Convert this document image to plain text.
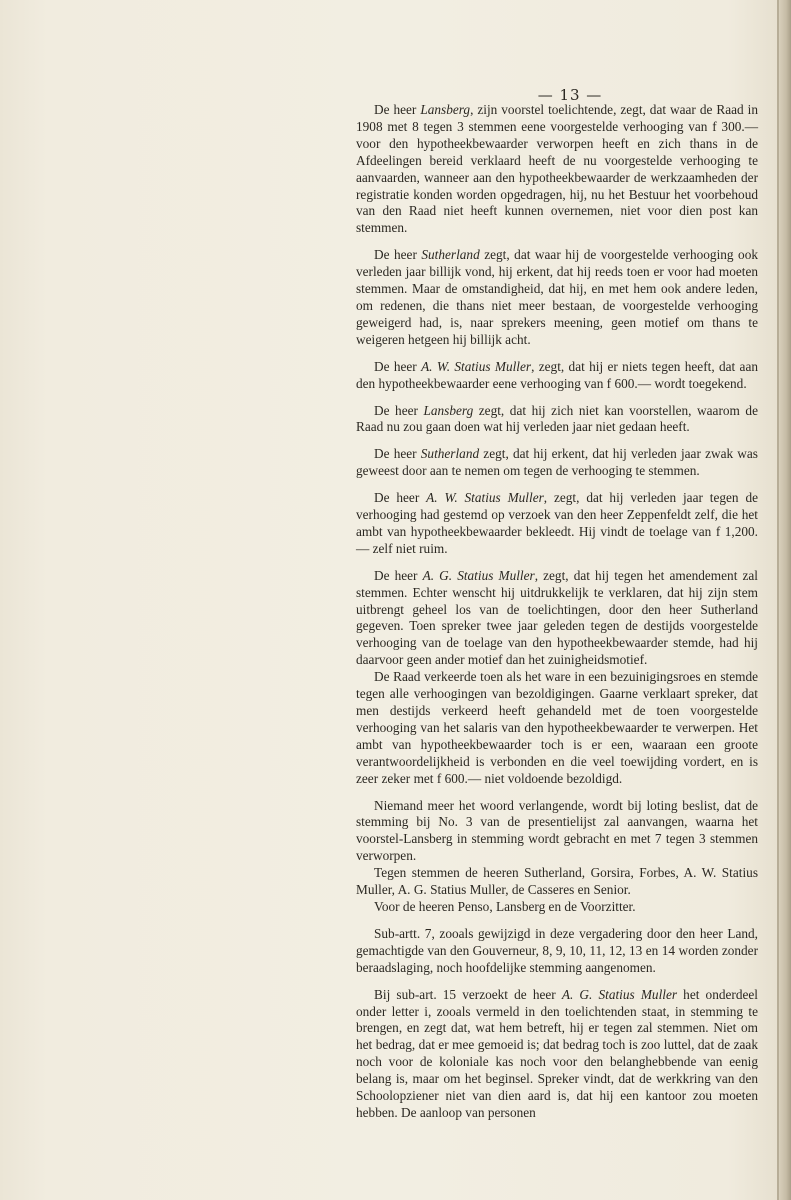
— 13 —

De heer Lansberg, zijn voorstel toelichtende, zegt, dat waar de Raad in 1908 met 8 tegen 3 stemmen eene voorgestelde verhooging van f 300.— voor den hypotheekbewaarder verworpen heeft en zich thans in de Afdeelingen bereid verklaard heeft de nu voorgestelde verhooging te aanvaarden, wanneer aan den hypotheekbewaarder de werkzaamheden der registratie konden worden opgedragen, hij, nu het Bestuur het voorbehoud van den Raad niet heeft kunnen overnemen, niet voor dien post kan stemmen.

De heer Sutherland zegt, dat waar hij de voorgestelde verhooging ook verleden jaar billijk vond, hij erkent, dat hij reeds toen er voor had moeten stemmen. Maar de omstandigheid, dat hij, en met hem ook andere leden, om redenen, die thans niet meer bestaan, de voorgestelde verhooging geweigerd had, is, naar sprekers meening, geen motief om thans te weigeren hetgeen hij billijk acht.

De heer A. W. Statius Muller, zegt, dat hij er niets tegen heeft, dat aan den hypotheekbewaarder eene verhooging van f 600.— wordt toegekend.

De heer Lansberg zegt, dat hij zich niet kan voorstellen, waarom de Raad nu zou gaan doen wat hij verleden jaar niet gedaan heeft.

De heer Sutherland zegt, dat hij erkent, dat hij verleden jaar zwak was geweest door aan te nemen om tegen de verhooging te stemmen.

De heer A. W. Statius Muller, zegt, dat hij verleden jaar tegen de verhooging had gestemd op verzoek van den heer Zeppenfeldt zelf, die het ambt van hypotheekbewaarder bekleedt. Hij vindt de toelage van f 1,200.— zelf niet ruim.

De heer A. G. Statius Muller, zegt, dat hij tegen het amendement zal stemmen. Echter wenscht hij uitdrukkelijk te verklaren, dat hij zijn stem uitbrengt geheel los van de toelichtingen, door den heer Sutherland gegeven. Toen spreker twee jaar geleden tegen de destijds voorgestelde verhooging van de toelage van den hypotheekbewaarder stemde, had hij daarvoor geen ander motief dan het zuinigheidsmotief.

De Raad verkeerde toen als het ware in een bezuinigingsroes en stemde tegen alle verhoogingen van bezoldigingen. Gaarne verklaart spreker, dat men destijds verkeerd heeft gehandeld met de toen voorgestelde verhooging van het salaris van den hypotheekbewaarder te verwerpen. Het ambt van hypotheekbewaarder toch is er een, waaraan een groote verantwoordelijkheid is verbonden en die veel toewijding vordert, en is zeer zeker met f 600.— niet voldoende bezoldigd.

Niemand meer het woord verlangende, wordt bij loting beslist, dat de stemming bij No. 3 van de presentielijst zal aanvangen, waarna het voorstel-Lansberg in stemming wordt gebracht en met 7 tegen 3 stemmen verworpen.

Tegen stemmen de heeren Sutherland, Gorsira, Forbes, A. W. Statius Muller, A. G. Statius Muller, de Casseres en Senior.

Voor de heeren Penso, Lansberg en de Voorzitter.

Sub-artt. 7, zooals gewijzigd in deze vergadering door den heer Land, gemachtigde van den Gouverneur, 8, 9, 10, 11, 12, 13 en 14 worden zonder beraadslaging, noch hoofdelijke stemming aangenomen.

Bij sub-art. 15 verzoekt de heer A. G. Statius Muller het onderdeel onder letter i, zooals vermeld in den toelichtenden staat, in stemming te brengen, en zegt dat, wat hem betreft, hij er tegen zal stemmen. Niet om het bedrag, dat er mee gemoeid is; dat bedrag toch is zoo luttel, dat de zaak noch voor de koloniale kas noch voor den belanghebbende van eenig belang is, maar om het beginsel. Spreker vindt, dat de werkkring van den Schoolopziener niet van dien aard is, dat hij een kantoor zou moeten hebben. De aanloop van personen
